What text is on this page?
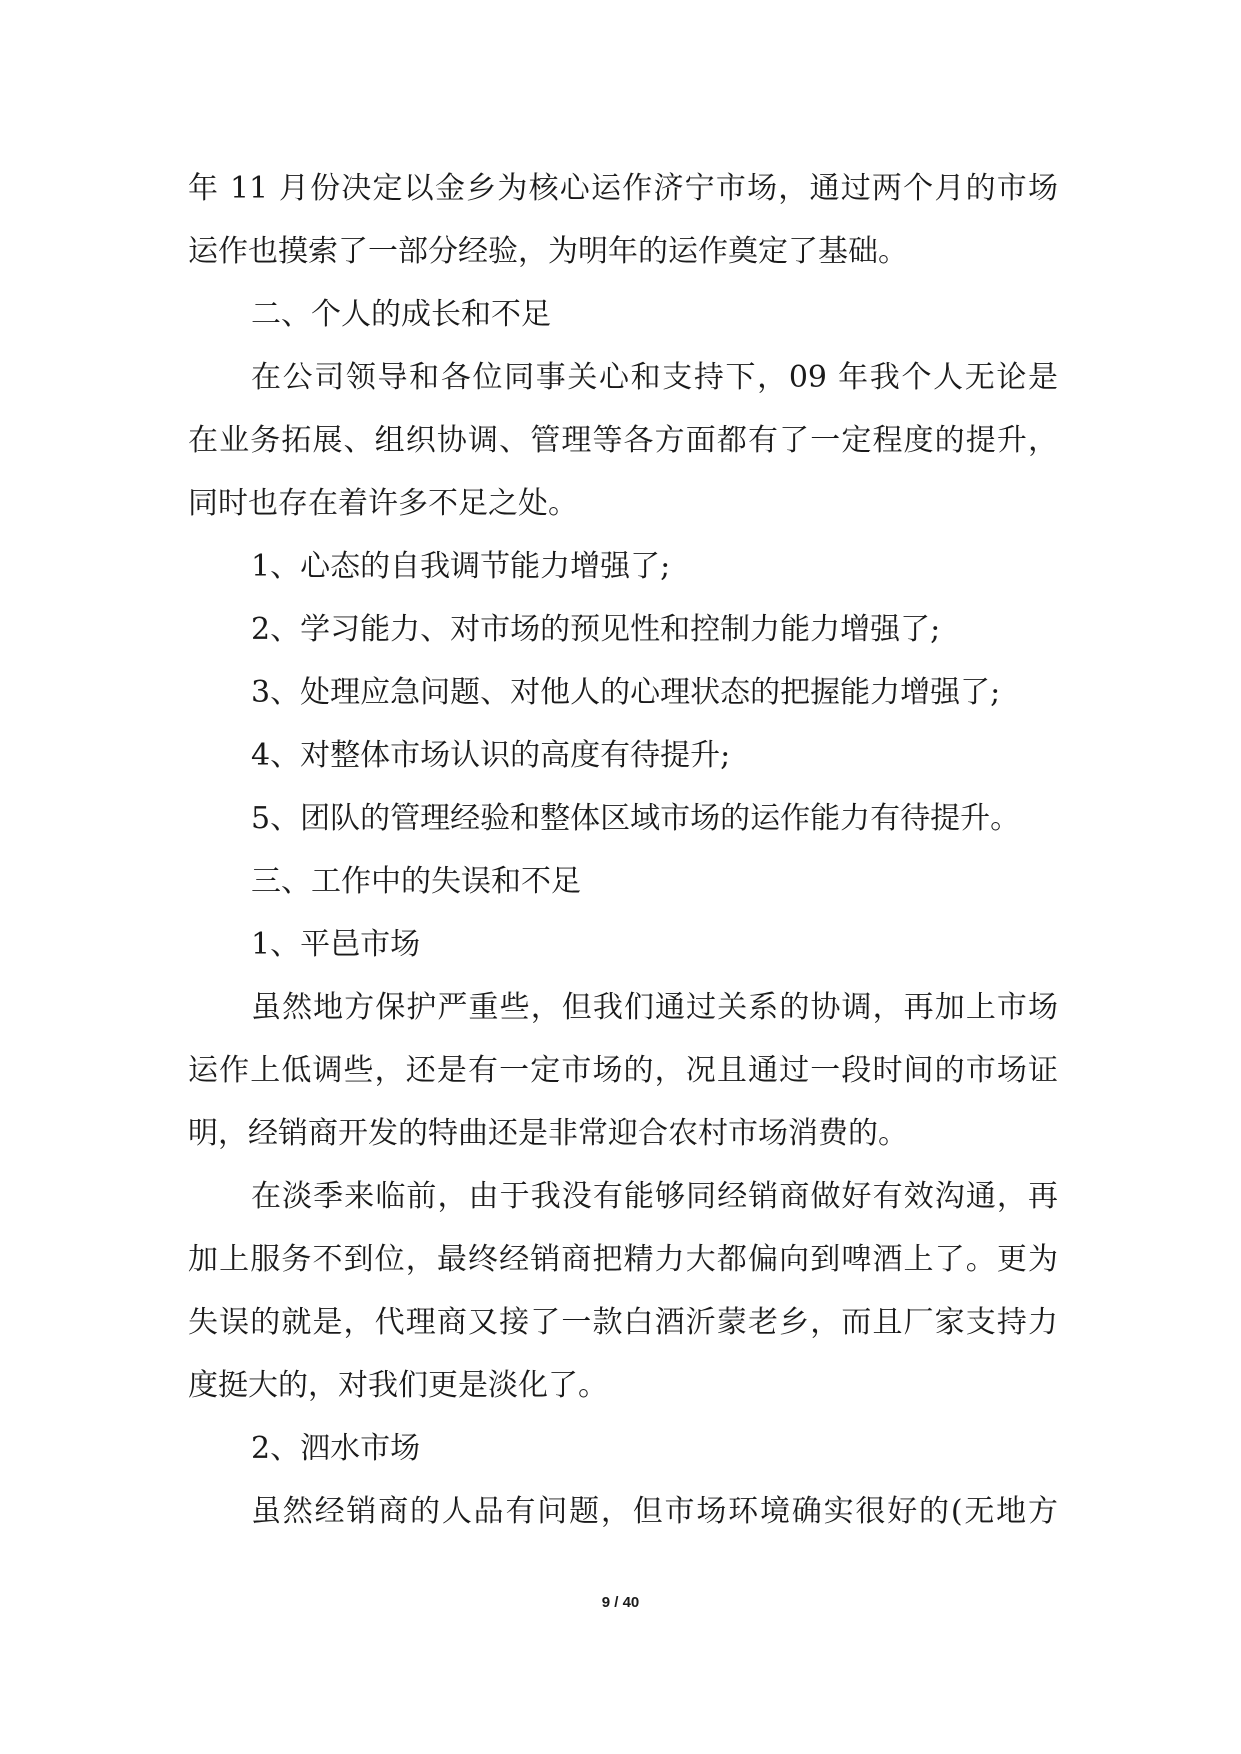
年 11 月份决定以金乡为核心运作济宁市场，通过两个月的市场
运作也摸索了一部分经验，为明年的运作奠定了基础。
二、个人的成长和不足
在公司领导和各位同事关心和支持下，09 年我个人无论是
在业务拓展、组织协调、管理等各方面都有了一定程度的提升，
同时也存在着许多不足之处。
1、心态的自我调节能力增强了;
2、学习能力、对市场的预见性和控制力能力增强了;
3、处理应急问题、对他人的心理状态的把握能力增强了;
4、对整体市场认识的高度有待提升;
5、团队的管理经验和整体区域市场的运作能力有待提升。
三、工作中的失误和不足
1、平邑市场
虽然地方保护严重些，但我们通过关系的协调，再加上市场
运作上低调些，还是有一定市场的，况且通过一段时间的市场证
明，经销商开发的特曲还是非常迎合农村市场消费的。
在淡季来临前，由于我没有能够同经销商做好有效沟通，再
加上服务不到位，最终经销商把精力大都偏向到啤酒上了。更为
失误的就是，代理商又接了一款白酒沂蒙老乡，而且厂家支持力
度挺大的，对我们更是淡化了。
2、泗水市场
虽然经销商的人品有问题，但市场环境确实很好的(无地方
9 / 40
